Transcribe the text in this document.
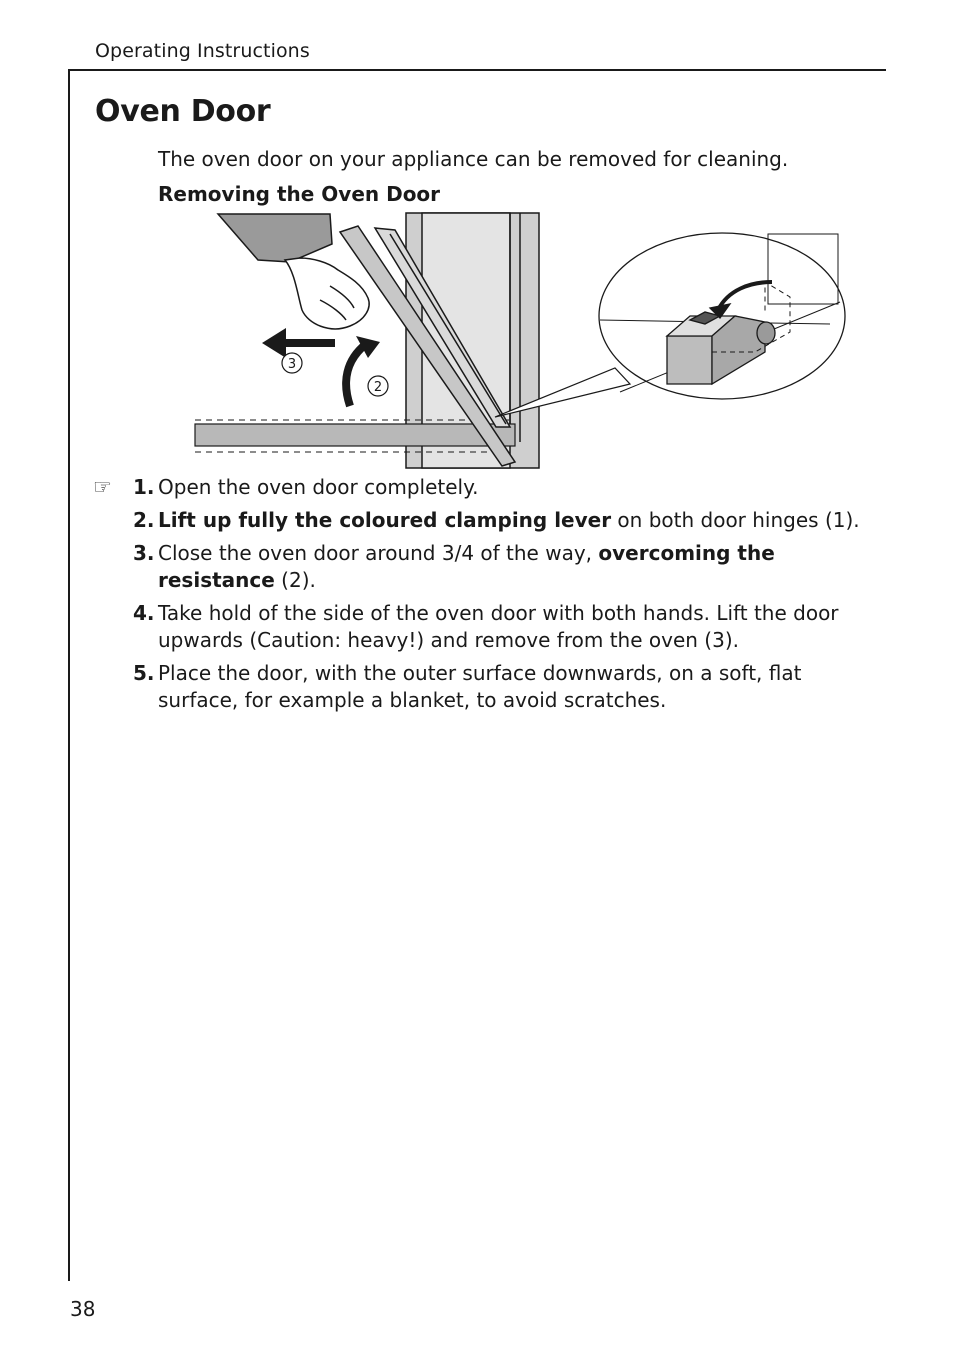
Operating Instructions
Oven Door
The oven door on your appliance can be removed for cleaning.
Removing the Oven Door
3
2
☞ 1. Open the oven door completely.
2. Lift up fully the coloured clamping lever on both door hinges (1).
3. Close the oven door around 3/4 of the way, overcoming the resistance (2).
4. Take hold of the side of the oven door with both hands. Lift the door upwards (Caution: heavy!) and remove from the oven (3).
5. Place the door, with the outer surface downwards, on a soft, flat surface, for example a blanket, to avoid scratches.
38
